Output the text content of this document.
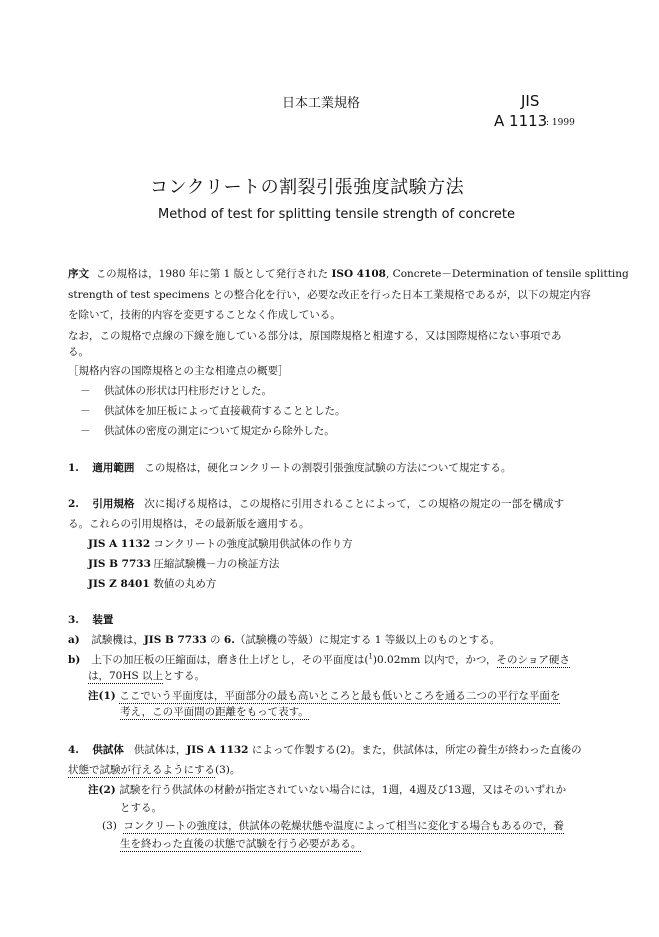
日本工業規格	JIS
A 1113
: 1999
コンクリートの割裂引張強度試験方法
Method of test for splitting tensile strength of concrete
序文 この規格は，1980 年に第 1 版として発行された ISO 4108, Concrete－Determination of tensile splitting
strength of test specimens との整合化を行い，必要な改正を行った日本工業規格であるが，以下の規定内容
を除いて，技術的内容を変更することなく作成している。
なお，この規格で点線の下線を施している部分は，原国際規格と相違する，又は国際規格にない事項であ
る。
［規格内容の国際規格との主な相違点の概要］
－ 供試体の形状は円柱形だけとした。
－ 供試体を加圧板によって直接載荷することとした。
－ 供試体の密度の測定について規定から除外した。
1. 適用範囲 この規格は，硬化コンクリートの割裂引張強度試験の方法について規定する。
2. 引用規格 次に掲げる規格は，この規格に引用されることによって，この規格の規定の一部を構成す
る。これらの引用規格は，その最新版を適用する。
JIS A 1132 コンクリートの強度試験用供試体の作り方
JIS B 7733 圧縮試験機－力の検証方法
JIS Z 8401 数値の丸め方
3. 装置
a) 試験機は，JIS B 7733 の 6.（試験機の等級）に規定する 1 等級以上のものとする。
b) 上下の加圧板の圧縮面は，磨き仕上げとし，その平面度は($^1$)0.02mm 以内で，かつ，そのショア硬さ
は，70HS 以上とする。
注(1) ここでいう平面度は，平面部分の最も高いところと最も低いところを通る二つの平行な平面を
考え，この平面間の距離をもって表す。
4. 供試体 供試体は，JIS A 1132 によって作製する(2)。また，供試体は，所定の養生が終わった直後の
状態で試験が行えるようにする(3)。
注(2) 試験を行う供試体の材齢が指定されていない場合には，1週，4週及び13週，又はそのいずれか
とする。
(3) コンクリートの強度は，供試体の乾燥状態や温度によって相当に変化する場合もあるので，養
生を終わった直後の状態で試験を行う必要がある。
